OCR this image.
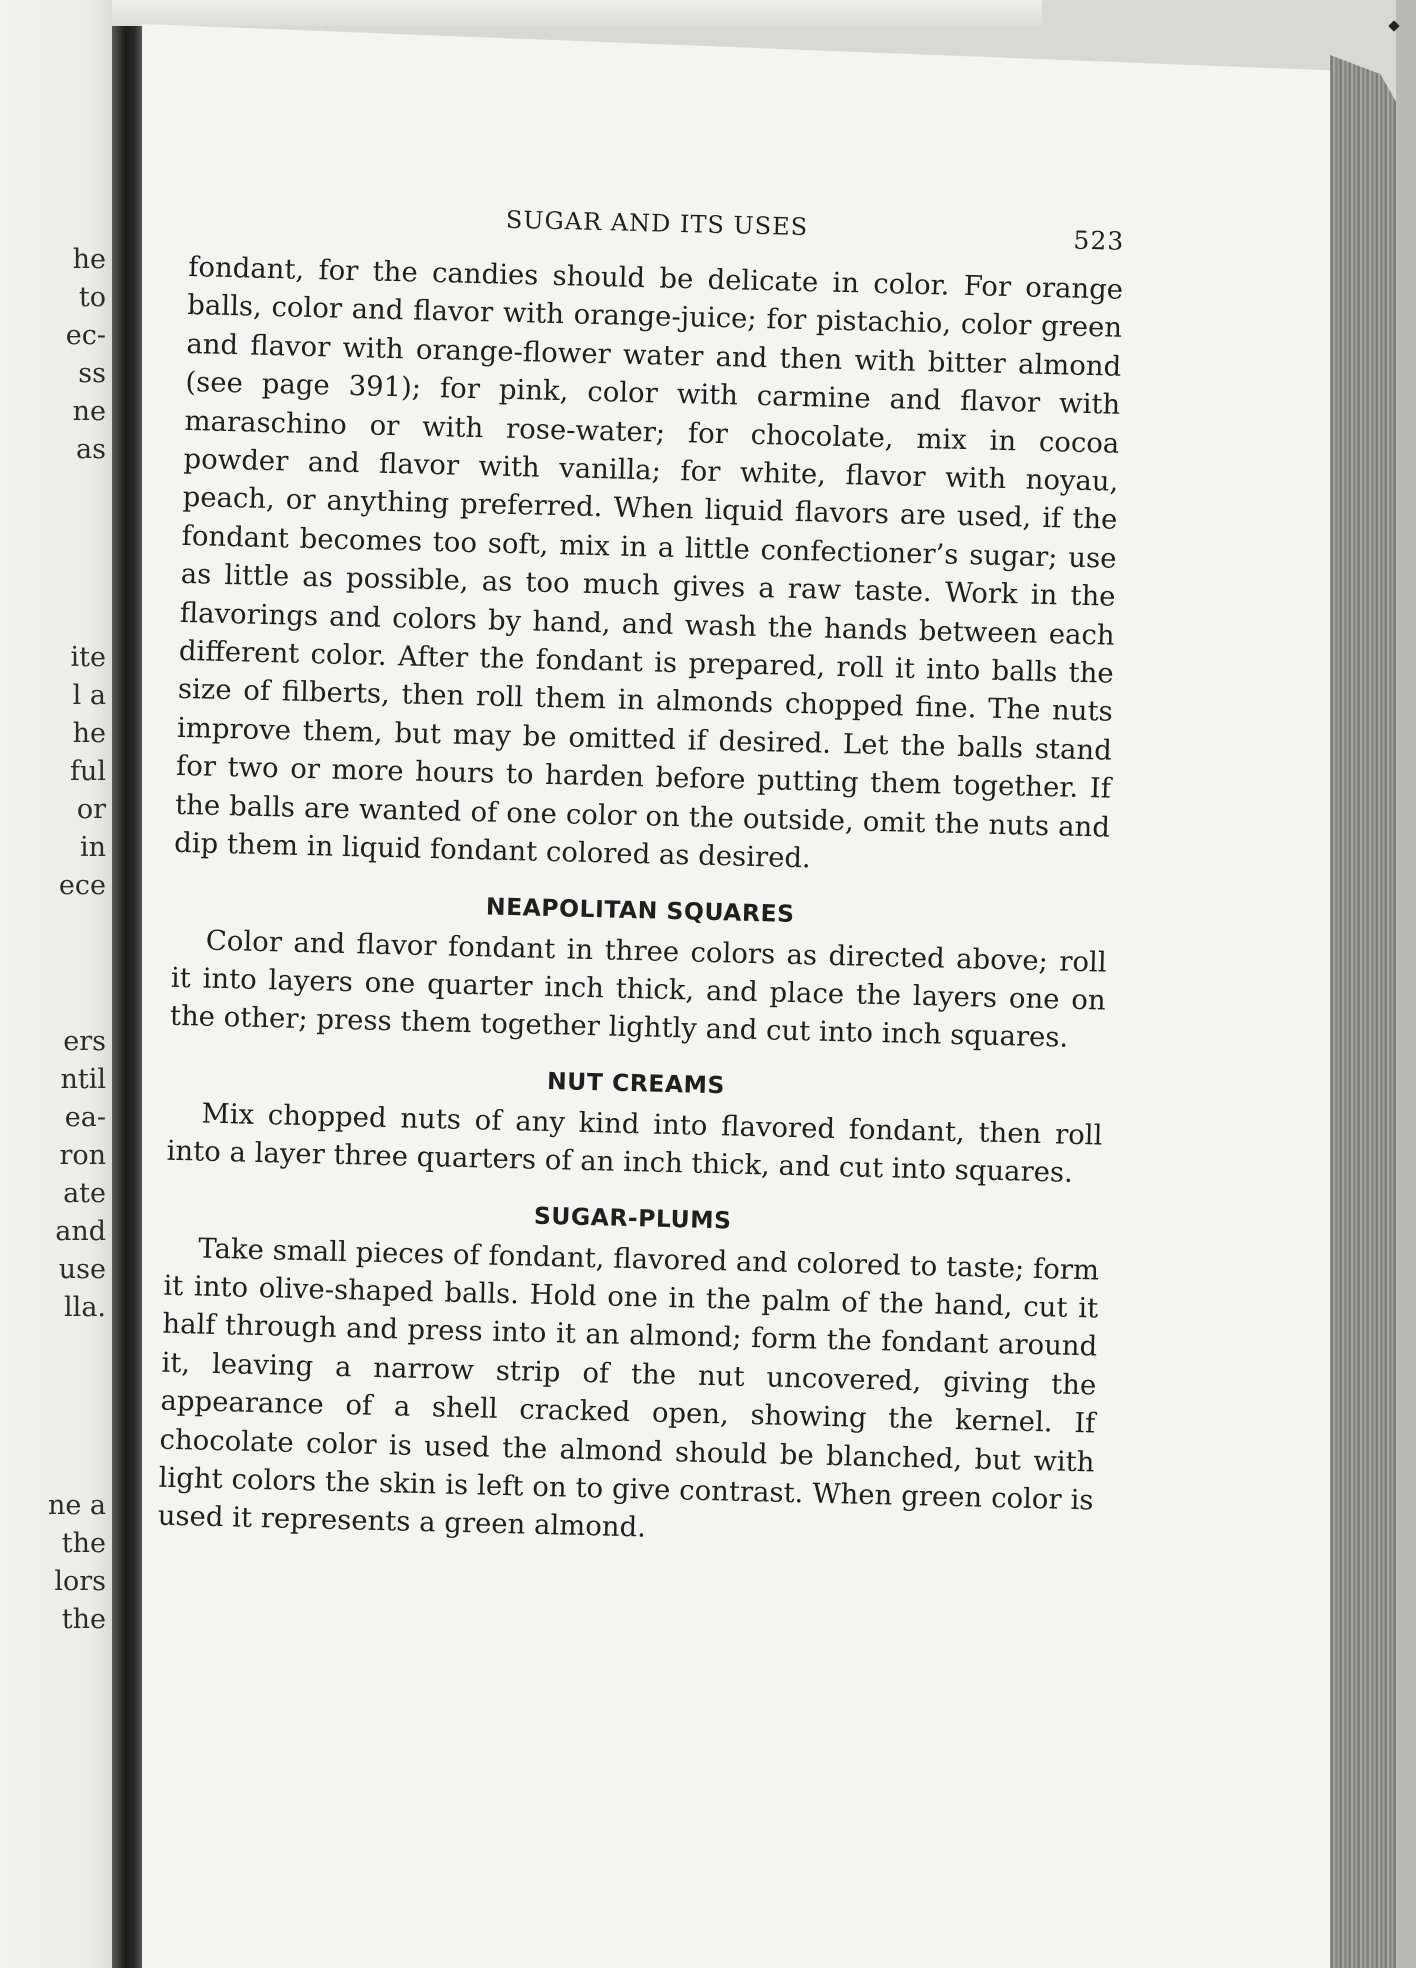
he

to

ec-

ss

ne

as

ite

l a

he

ful

or

in

ece

ers

ntil

ea-

ron

ate

and

use

lla.

ne a

the

lors

the

SUGAR AND ITS USES	523

fondant, for the candies should be delicate in color. For orange balls, color and flavor with orange-juice; for pistachio, color green and flavor with orange-flower water and then with bitter almond (see page 391); for pink, color with carmine and flavor with maraschino or with rose-water; for chocolate, mix in cocoa powder and flavor with vanilla; for white, flavor with noyau, peach, or anything preferred. When liquid flavors are used, if the fondant becomes too soft, mix in a little confectioner’s sugar; use as little as possible, as too much gives a raw taste. Work in the flavorings and colors by hand, and wash the hands between each different color. After the fondant is prepared, roll it into balls the size of filberts, then roll them in almonds chopped fine. The nuts improve them, but may be omitted if desired. Let the balls stand for two or more hours to harden before putting them together. If the balls are wanted of one color on the outside, omit the nuts and dip them in liquid fondant colored as desired.

NEAPOLITAN SQUARES

Color and flavor fondant in three colors as directed above; roll it into layers one quarter inch thick, and place the layers one on the other; press them together lightly and cut into inch squares.

NUT CREAMS

Mix chopped nuts of any kind into flavored fondant, then roll into a layer three quarters of an inch thick, and cut into squares.

SUGAR-PLUMS

Take small pieces of fondant, flavored and colored to taste; form it into olive-shaped balls. Hold one in the palm of the hand, cut it half through and press into it an almond; form the fondant around it, leaving a narrow strip of the nut uncovered, giving the appearance of a shell cracked open, showing the kernel. If chocolate color is used the almond should be blanched, but with light colors the skin is left on to give contrast. When green color is used it represents a green almond.
